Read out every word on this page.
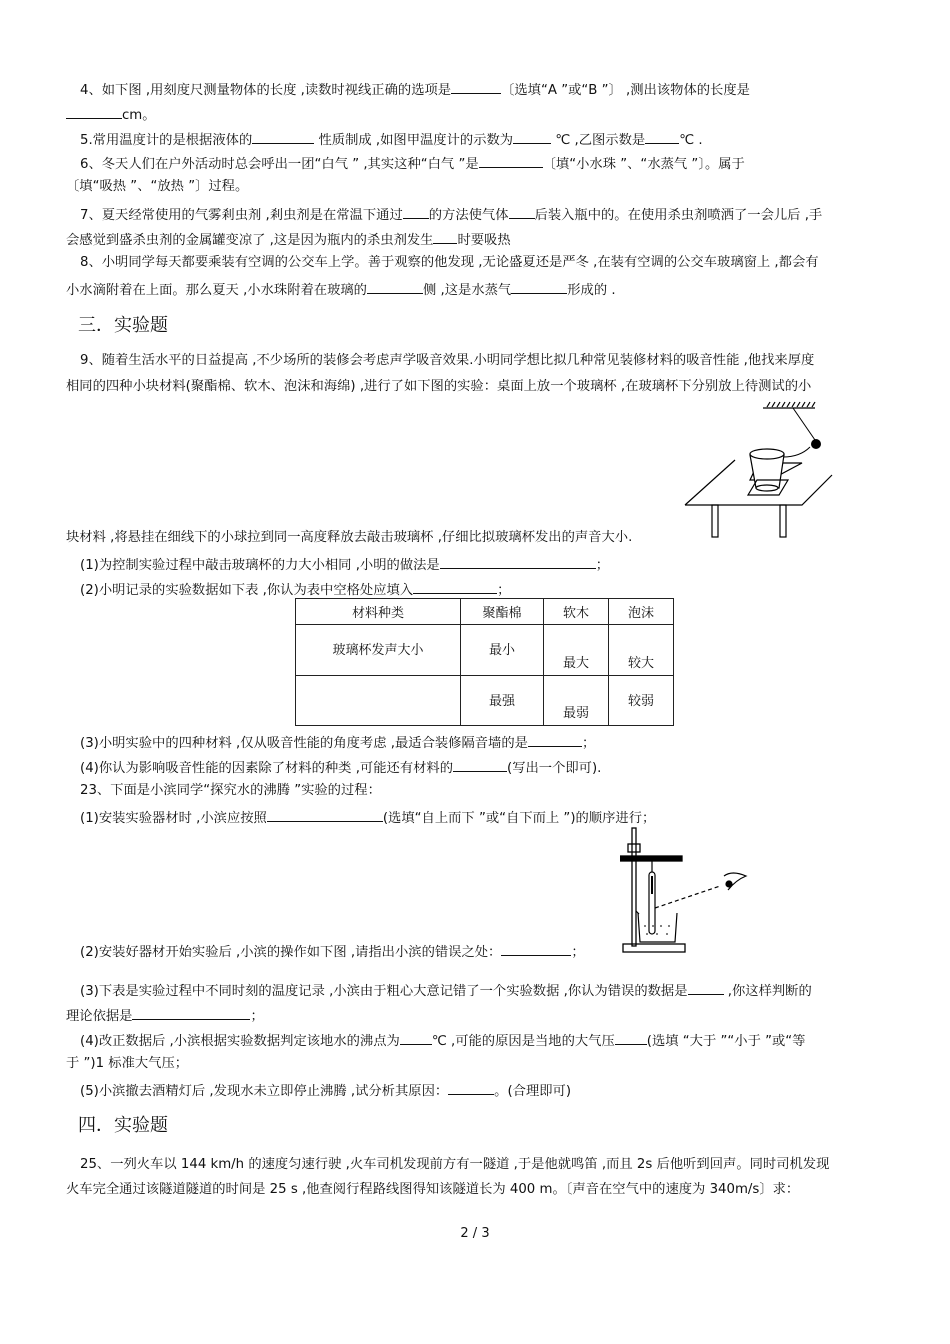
4、如下图 ,用刻度尺测量物体的长度 ,读数时视线正确的选项是	〔选填“A ”或“B ”〕 ,测出该物体的长度是
cm。
5.常用温度计的是根据液体的	性质制成 ,如图甲温度计的示数为	℃ ,乙图示数是	℃ .
6、冬天人们在户外活动时总会呼出一团“白气 ” ,其实这种“白气 ”是	〔填“小水珠 ”、“水蒸气 ”〕。属于
〔填“吸热 ”、“放热 ”〕过程。
7、夏天经常使用的气雾剎虫剂 ,剎虫剂是在常温下通过 的方法使气体 后装入瓶中的。在使用杀虫剂喷洒了一会儿后 ,手
会感觉到盛杀虫剂的金属罐变凉了 ,这是因为瓶内的杀虫剂发生 时要吸热
8、小明同学每天都要乘装有空调的公交车上学。善于观察的他发现 ,无论盛夏还是严冬 ,在装有空调的公交车玻璃窗上 ,都会有
小水滴附着在上面。那么夏天 ,小水珠附着在玻璃的	侧 ,这是水蒸气	形成的 .
三．实验题
9、随着生活水平的日益提高 ,不少场所的装修会考虑声学吸音效果.小明同学想比拟几种常见装修材料的吸音性能 ,他找来厚度
相同的四种小块材料(聚酯棉、软木、泡沫和海绵) ,进行了如下图的实验：桌面上放一个玻璃杯 ,在玻璃杯下分别放上待测试的小
块材料 ,将悬挂在细线下的小球拉到同一高度释放去敲击玻璃杯 ,仔细比拟玻璃杯发出的声音大小.
(1)为控制实验过程中敲击玻璃杯的力大小相同 ,小明的做法是	；
(2)小明记录的实验数据如下表 ,你认为表中空格处应填入	；
材料种类	聚酯棉	软木	泡沫
玻璃杯发声大小	最小	最大	较大
	最强	最弱	较弱
(3)小明实验中的四种材料 ,仅从吸音性能的角度考虑 ,最适合装修隔音墙的是	；
(4)你认为影响吸音性能的因素除了材料的种类 ,可能还有材料的	(写出一个即可).
23、下面是小滨同学“探究水的沸腾 ”实验的过程：
(1)安装实验器材时 ,小滨应按照	(选填“自上而下 ”或“自下而上 ”)的顺序进行；
(2)安装好器材开始实验后 ,小滨的操作如下图 ,请指出小滨的错误之处：	；
(3)下表是实验过程中不同时刻的温度记录 ,小滨由于粗心大意记错了一个实验数据 ,你认为错误的数据是	,你这样判断的
理论依据是	；
(4)改正数据后 ,小滨根据实验数据判定该地水的沸点为 ℃ ,可能的原因是当地的大气压 (选填 “大于 ”“小于 ”或“等
于 ”)1 标准大气压；
(5)小滨撤去酒精灯后 ,发现水未立即停止沸腾 ,试分析其原因：	。(合理即可)
四．实验题
25、一列火车以 144 km/h 的速度匀速行驶 ,火车司机发现前方有一隧道 ,于是他就鸣笛 ,而且 2s 后他听到回声。同时司机发现
火车完全通过该隧道隧道的时间是 25 s ,他查阅行程路线图得知该隧道长为 400 m。〔声音在空气中的速度为 340m/s〕求：
2 / 3
